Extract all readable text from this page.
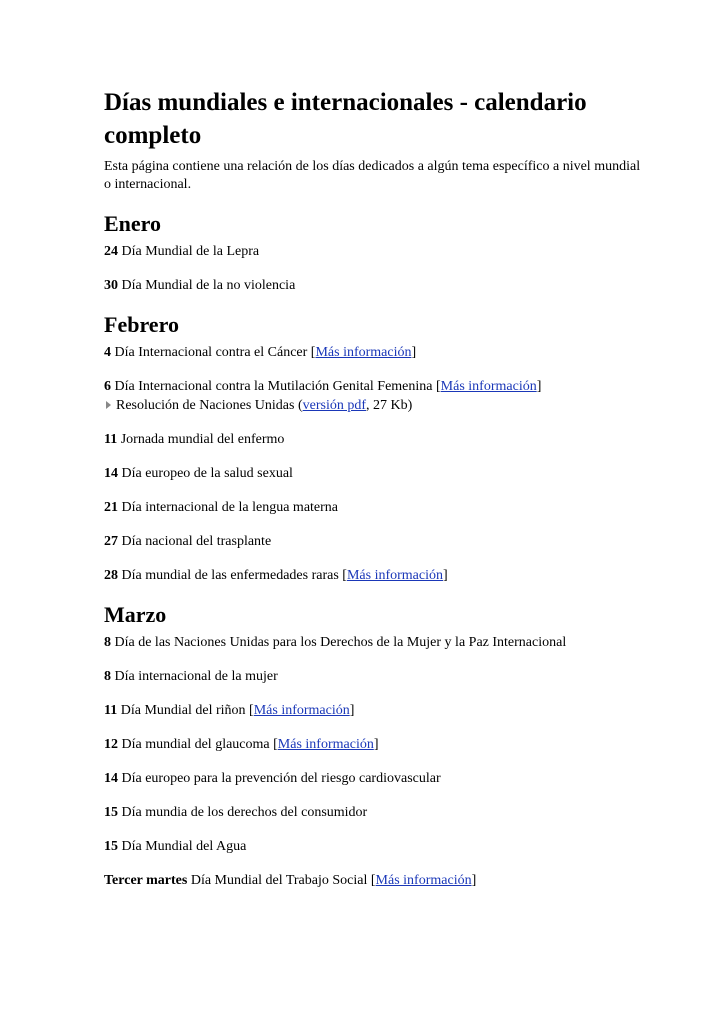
Días mundiales e internacionales - calendario completo

Esta página contiene una relación de los días dedicados a algún tema específico a nivel mundial o internacional.

Enero

24 Día Mundial de la Lepra

30 Día Mundial de la no violencia

Febrero

4 Día Internacional contra el Cáncer [Más información]

6 Día Internacional contra la Mutilación Genital Femenina [Más información]
Resolución de Naciones Unidas (versión pdf, 27 Kb)

11 Jornada mundial del enfermo

14 Día europeo de la salud sexual

21 Día internacional de la lengua materna

27 Día nacional del trasplante

28 Día mundial de las enfermedades raras [Más información]

Marzo

8 Día de las Naciones Unidas para los Derechos de la Mujer y la Paz Internacional

8 Día internacional de la mujer

11 Día Mundial del riñon [Más información]

12 Día mundial del glaucoma [Más información]

14 Día europeo para la prevención del riesgo cardiovascular

15 Día mundia de los derechos del consumidor

15 Día Mundial del Agua

Tercer martes Día Mundial del Trabajo Social [Más información]
